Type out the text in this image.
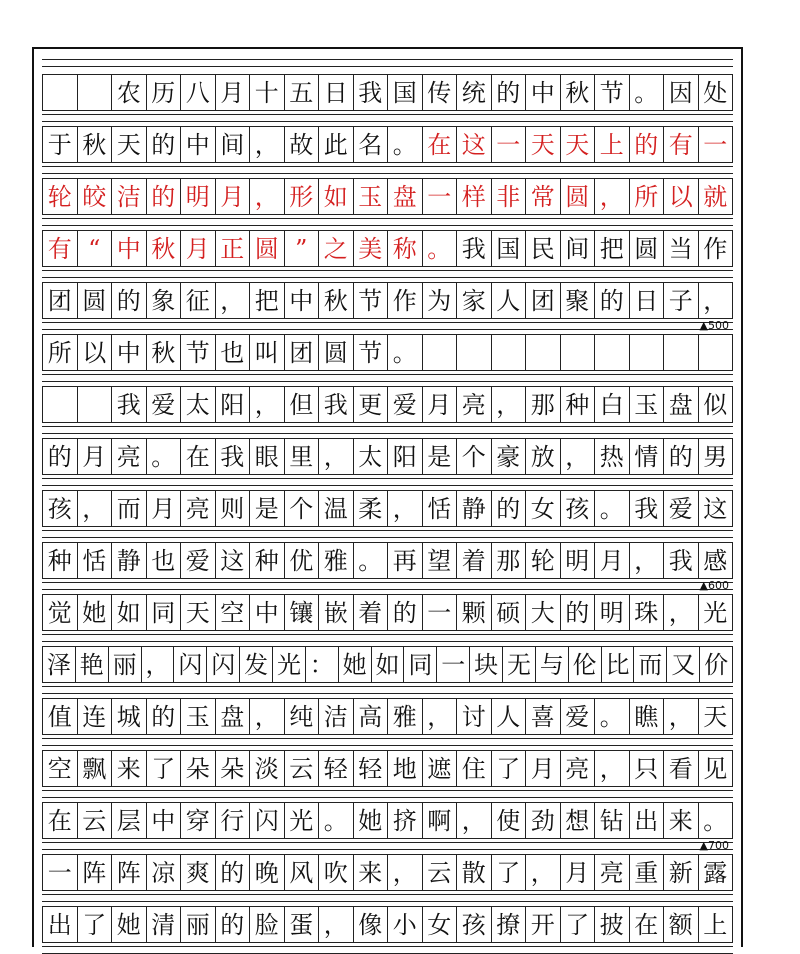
农 历 八 月 十 五 日 我 国 传 统 的 中 秋 节 。 因 处
于 秋 天 的 中 间 ， 故 此 名 。 在 这 一 天 天 上 的 有 一
轮 皎 洁 的 明 月 ， 形 如 玉 盘 一 样 非 常 圆 ， 所 以 就
有 “ 中 秋 月 正 圆 ” 之 美 称 。 我 国 民 间 把 圆 当 作
团 圆 的 象 征 ， 把 中 秋 节 作 为 家 人 团 聚 的 日 子 ，
所 以 中 秋 节 也 叫 团 圆 节 。
我 爱 太 阳 ， 但 我 更 爱 月 亮 ， 那 种 白 玉 盘 似
的 月 亮 。 在 我 眼 里 ， 太 阳 是 个 豪 放 ， 热 情 的 男
孩 ， 而 月 亮 则 是 个 温 柔 ， 恬 静 的 女 孩 。 我 爱 这
种 恬 静 也 爱 这 种 优 雅 。 再 望 着 那 轮 明 月 ， 我 感
觉 她 如 同 天 空 中 镶 嵌 着 的 一 颗 硕 大 的 明 珠 ， 光
泽 艳 丽 ， 闪 闪 发 光 ： 她 如 同 一 块 无 与 伦 比 而 又 价
值 连 城 的 玉 盘 ， 纯 洁 高 雅 ， 讨 人 喜 爱 。 瞧 ， 天
空 飘 来 了 朵 朵 淡 云 轻 轻 地 遮 住 了 月 亮 ， 只 看 见
在 云 层 中 穿 行 闪 光 。 她 挤 啊 ， 使 劲 想 钻 出 来 。
一 阵 阵 凉 爽 的 晚 风 吹 来 ， 云 散 了 ， 月 亮 重 新 露
出 了 她 清 丽 的 脸 蛋 ， 像 小 女 孩 撩 开 了 披 在 额 上
▲500
▲600
▲700
